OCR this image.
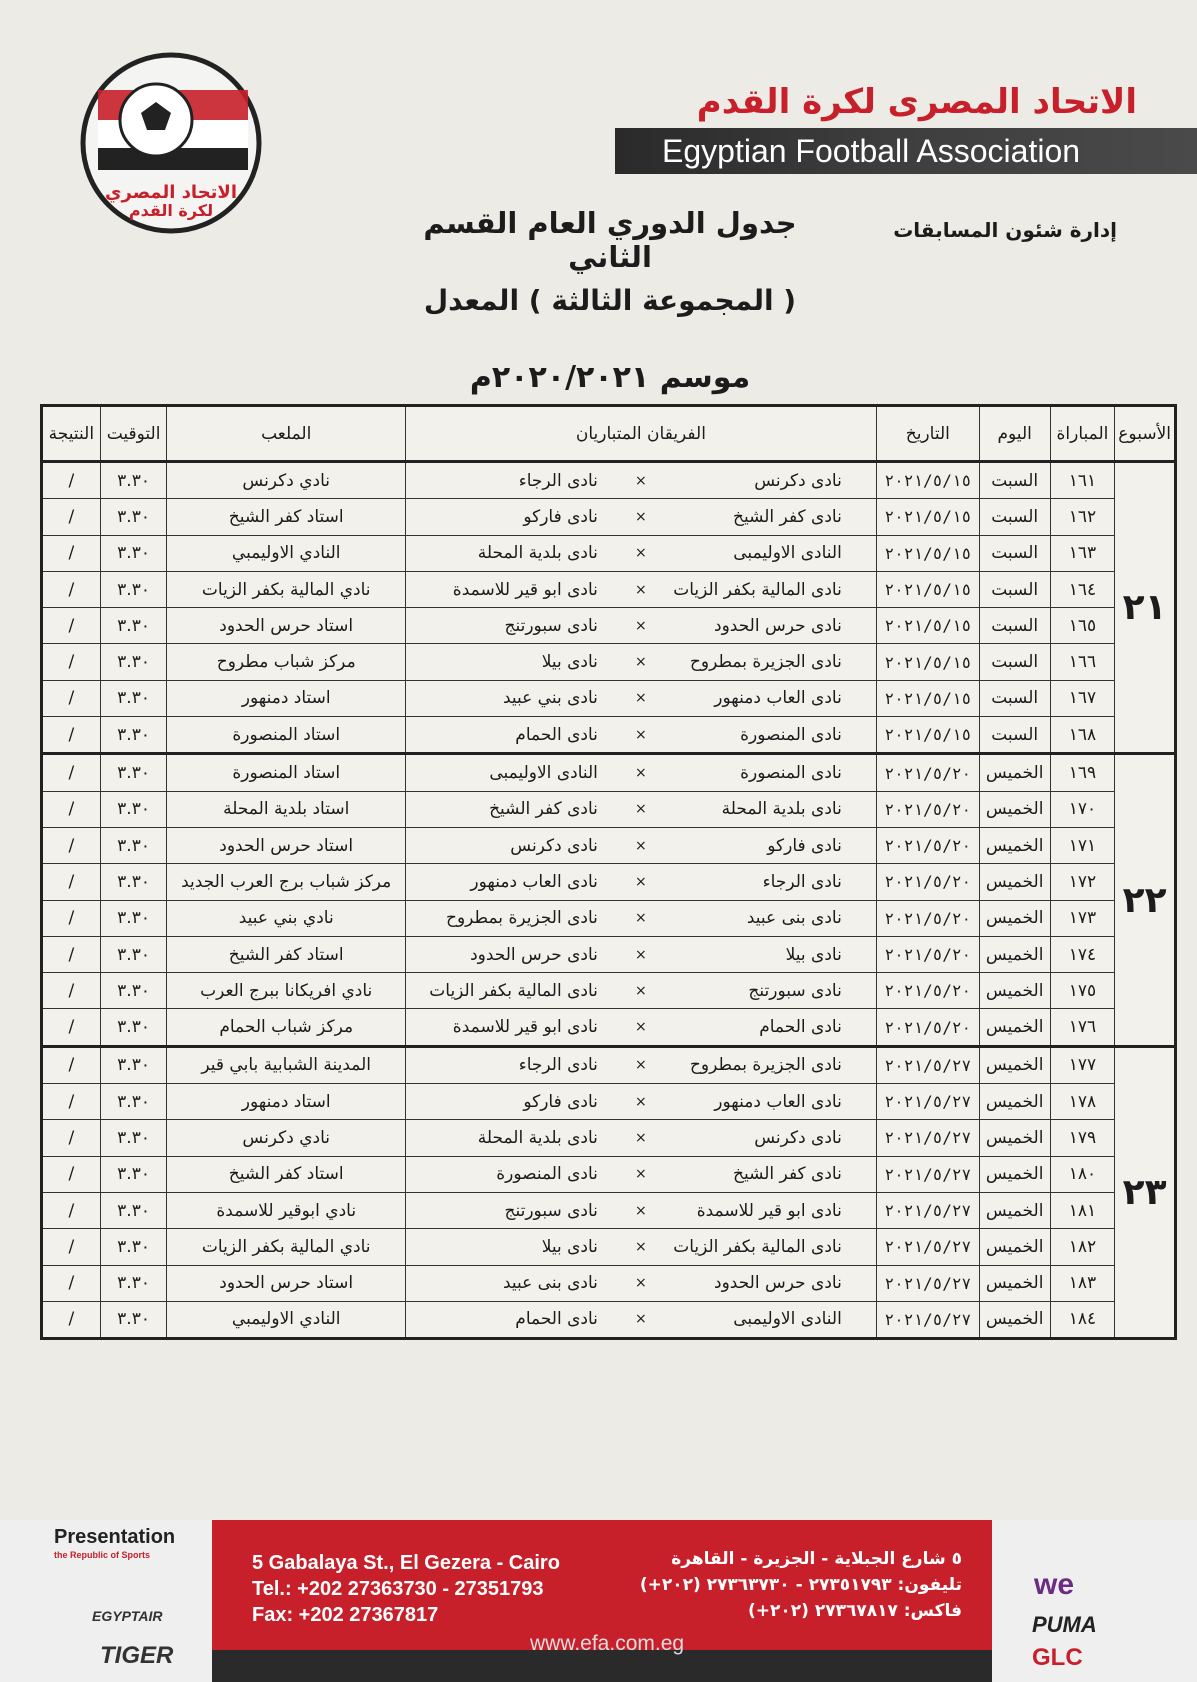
الاتحاد المصري
لكرة القدم
الاتحاد المصرى لكرة القدم
Egyptian Football Association
إدارة شئون المسابقات
جدول الدوري العام القسم الثاني
( المجموعة الثالثة ) المعدل
موسم ٢٠٢٠/٢٠٢١م
الأسبوع	المباراة	اليوم	التاريخ	الفريقان المتباريان			الملعب	التوقيت	النتيجة
٢١	١٦١	السبت	٢٠٢١/٥/١٥	نادى دكرنس	×	نادى الرجاء	نادي دكرنس	٣.٣٠	/
	١٦٢	السبت	٢٠٢١/٥/١٥	نادى كفر الشيخ	×	نادى فاركو	استاد كفر الشيخ	٣.٣٠	/
	١٦٣	السبت	٢٠٢١/٥/١٥	النادى الاوليمبى	×	نادى بلدية المحلة	النادي الاوليمبي	٣.٣٠	/
	١٦٤	السبت	٢٠٢١/٥/١٥	نادى المالية بكفر الزيات	×	نادى ابو قير للاسمدة	نادي المالية بكفر الزيات	٣.٣٠	/
	١٦٥	السبت	٢٠٢١/٥/١٥	نادى حرس الحدود	×	نادى سبورتنج	استاد حرس الحدود	٣.٣٠	/
	١٦٦	السبت	٢٠٢١/٥/١٥	نادى الجزيرة بمطروح	×	نادى بيلا	مركز شباب مطروح	٣.٣٠	/
	١٦٧	السبت	٢٠٢١/٥/١٥	نادى العاب دمنهور	×	نادى بني عبيد	استاد دمنهور	٣.٣٠	/
	١٦٨	السبت	٢٠٢١/٥/١٥	نادى المنصورة	×	نادى الحمام	استاد المنصورة	٣.٣٠	/
٢٢	١٦٩	الخميس	٢٠٢١/٥/٢٠	نادى المنصورة	×	النادى الاوليمبى	استاد المنصورة	٣.٣٠	/
	١٧٠	الخميس	٢٠٢١/٥/٢٠	نادى بلدية المحلة	×	نادى كفر الشيخ	استاد بلدية المحلة	٣.٣٠	/
	١٧١	الخميس	٢٠٢١/٥/٢٠	نادى فاركو	×	نادى دكرنس	استاد حرس الحدود	٣.٣٠	/
	١٧٢	الخميس	٢٠٢١/٥/٢٠	نادى الرجاء	×	نادى العاب دمنهور	مركز شباب برج العرب الجديد	٣.٣٠	/
	١٧٣	الخميس	٢٠٢١/٥/٢٠	نادى بنى عبيد	×	نادى الجزيرة بمطروح	نادي بني عبيد	٣.٣٠	/
	١٧٤	الخميس	٢٠٢١/٥/٢٠	نادى بيلا	×	نادى حرس الحدود	استاد كفر الشيخ	٣.٣٠	/
	١٧٥	الخميس	٢٠٢١/٥/٢٠	نادى سبورتنج	×	نادى المالية بكفر الزيات	نادي افريكانا ببرج العرب	٣.٣٠	/
	١٧٦	الخميس	٢٠٢١/٥/٢٠	نادى الحمام	×	نادى ابو قير للاسمدة	مركز شباب الحمام	٣.٣٠	/
٢٣	١٧٧	الخميس	٢٠٢١/٥/٢٧	نادى الجزيرة بمطروح	×	نادى الرجاء	المدينة الشبابية بابي قير	٣.٣٠	/
	١٧٨	الخميس	٢٠٢١/٥/٢٧	نادى العاب دمنهور	×	نادى فاركو	استاد دمنهور	٣.٣٠	/
	١٧٩	الخميس	٢٠٢١/٥/٢٧	نادى دكرنس	×	نادى بلدية المحلة	نادي دكرنس	٣.٣٠	/
	١٨٠	الخميس	٢٠٢١/٥/٢٧	نادى كفر الشيخ	×	نادى المنصورة	استاد كفر الشيخ	٣.٣٠	/
	١٨١	الخميس	٢٠٢١/٥/٢٧	نادى ابو قير للاسمدة	×	نادى سبورتنج	نادي ابوقير للاسمدة	٣.٣٠	/
	١٨٢	الخميس	٢٠٢١/٥/٢٧	نادى المالية بكفر الزيات	×	نادى بيلا	نادي المالية بكفر الزيات	٣.٣٠	/
	١٨٣	الخميس	٢٠٢١/٥/٢٧	نادى حرس الحدود	×	نادى بنى عبيد	استاد حرس الحدود	٣.٣٠	/
	١٨٤	الخميس	٢٠٢١/٥/٢٧	النادى الاوليمبى	×	نادى الحمام	النادي الاوليمبي	٣.٣٠	/
Presentation
the Republic of Sports
EGYPTAIR
TIGER
5 Gabalaya St., El Gezera - Cairo
Tel.: +202 27363730 - 27351793
Fax: +202 27367817
٥ شارع الجبلاية - الجزيرة - القاهرة
تليفون: ٢٧٣٥١٧٩٣ - ٢٧٣٦٣٧٣٠ (٢٠٢+)
فاكس: ٢٧٣٦٧٨١٧ (٢٠٢+)
we
PUMA
GLC
www.efa.com.eg
